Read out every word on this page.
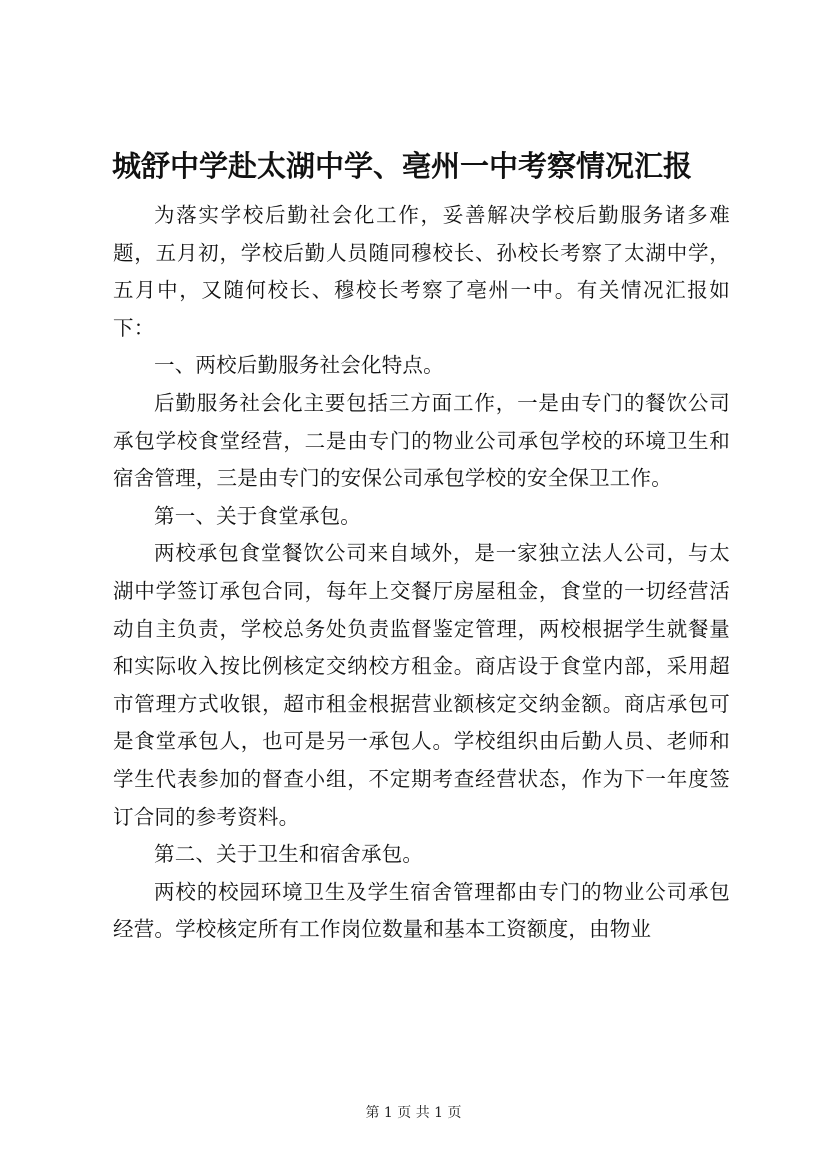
城舒中学赴太湖中学、亳州一中考察情况汇报

为落实学校后勤社会化工作，妥善解决学校后勤服务诸多难题，五月初，学校后勤人员随同穆校长、孙校长考察了太湖中学，五月中，又随何校长、穆校长考察了亳州一中。有关情况汇报如下：

一、两校后勤服务社会化特点。

后勤服务社会化主要包括三方面工作，一是由专门的餐饮公司承包学校食堂经营，二是由专门的物业公司承包学校的环境卫生和宿舍管理，三是由专门的安保公司承包学校的安全保卫工作。

第一、关于食堂承包。

两校承包食堂餐饮公司来自域外，是一家独立法人公司，与太湖中学签订承包合同，每年上交餐厅房屋租金，食堂的一切经营活动自主负责，学校总务处负责监督鉴定管理，两校根据学生就餐量和实际收入按比例核定交纳校方租金。商店设于食堂内部，采用超市管理方式收银，超市租金根据营业额核定交纳金额。商店承包可是食堂承包人，也可是另一承包人。学校组织由后勤人员、老师和学生代表参加的督查小组，不定期考查经营状态，作为下一年度签订合同的参考资料。

第二、关于卫生和宿舍承包。

两校的校园环境卫生及学生宿舍管理都由专门的物业公司承包经营。学校核定所有工作岗位数量和基本工资额度，由物业

第 1 页 共 1 页
